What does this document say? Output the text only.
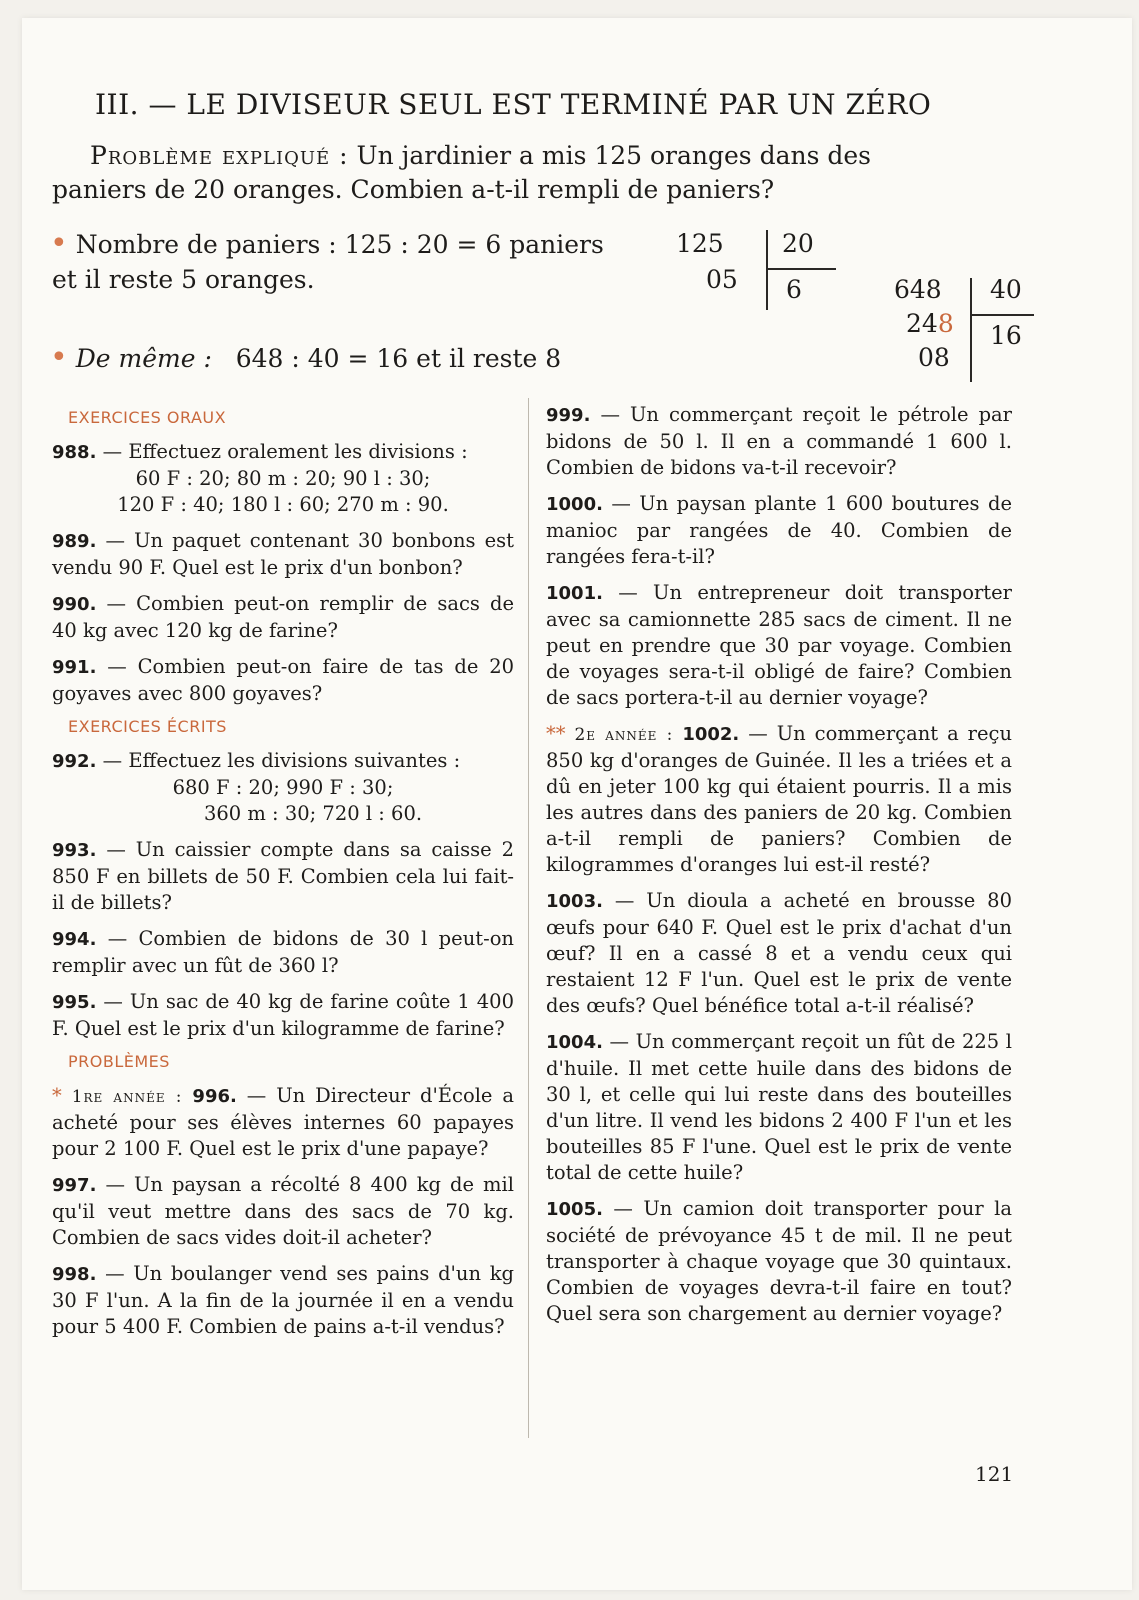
III. — LE DIVISEUR SEUL EST TERMINÉ PAR UN ZÉRO
Problème expliqué : Un jardinier a mis 125 oranges dans des
paniers de 20 oranges. Combien a-t-il rempli de paniers?
• Nombre de paniers : 125 : 20 = 6 paniers
et il reste 5 oranges.
125 20
05 6
• De même : 648 : 40 = 16 et il reste 8
648 40
248
08
16
EXERCICES ORAUX
988. — Effectuez oralement les divisions :
60 F : 20; 80 m : 20; 90 l : 30;
120 F : 40; 180 l : 60; 270 m : 90.
989. — Un paquet contenant 30 bonbons est vendu 90 F. Quel est le prix d'un bonbon?
990. — Combien peut-on remplir de sacs de 40 kg avec 120 kg de farine?
991. — Combien peut-on faire de tas de 20 goyaves avec 800 goyaves?
EXERCICES ÉCRITS
992. — Effectuez les divisions suivantes :
680 F : 20; 990 F : 30;
360 m : 30; 720 l : 60.
993. — Un caissier compte dans sa caisse 2 850 F en billets de 50 F. Combien cela lui fait-il de billets?
994. — Combien de bidons de 30 l peut-on remplir avec un fût de 360 l?
995. — Un sac de 40 kg de farine coûte 1 400 F. Quel est le prix d'un kilogramme de farine?
PROBLÈMES
* 1re année : 996. — Un Directeur d'École a acheté pour ses élèves internes 60 papayes pour 2 100 F. Quel est le prix d'une papaye?
997. — Un paysan a récolté 8 400 kg de mil qu'il veut mettre dans des sacs de 70 kg. Combien de sacs vides doit-il acheter?
998. — Un boulanger vend ses pains d'un kg 30 F l'un. A la fin de la journée il en a vendu pour 5 400 F. Combien de pains a-t-il vendus?
999. — Un commerçant reçoit le pétrole par bidons de 50 l. Il en a commandé 1 600 l. Combien de bidons va-t-il recevoir?
1000. — Un paysan plante 1 600 boutures de manioc par rangées de 40. Combien de rangées fera-t-il?
1001. — Un entrepreneur doit transporter avec sa camionnette 285 sacs de ciment. Il ne peut en prendre que 30 par voyage. Combien de voyages sera-t-il obligé de faire? Combien de sacs portera-t-il au dernier voyage?
** 2e année : 1002. — Un commerçant a reçu 850 kg d'oranges de Guinée. Il les a triées et a dû en jeter 100 kg qui étaient pourris. Il a mis les autres dans des paniers de 20 kg. Combien a-t-il rempli de paniers? Combien de kilogrammes d'oranges lui est-il resté?
1003. — Un dioula a acheté en brousse 80 œufs pour 640 F. Quel est le prix d'achat d'un œuf? Il en a cassé 8 et a vendu ceux qui restaient 12 F l'un. Quel est le prix de vente des œufs? Quel bénéfice total a-t-il réalisé?
1004. — Un commerçant reçoit un fût de 225 l d'huile. Il met cette huile dans des bidons de 30 l, et celle qui lui reste dans des bouteilles d'un litre. Il vend les bidons 2 400 F l'un et les bouteilles 85 F l'une. Quel est le prix de vente total de cette huile?
1005. — Un camion doit transporter pour la société de prévoyance 45 t de mil. Il ne peut transporter à chaque voyage que 30 quintaux. Combien de voyages devra-t-il faire en tout? Quel sera son chargement au dernier voyage?
121
